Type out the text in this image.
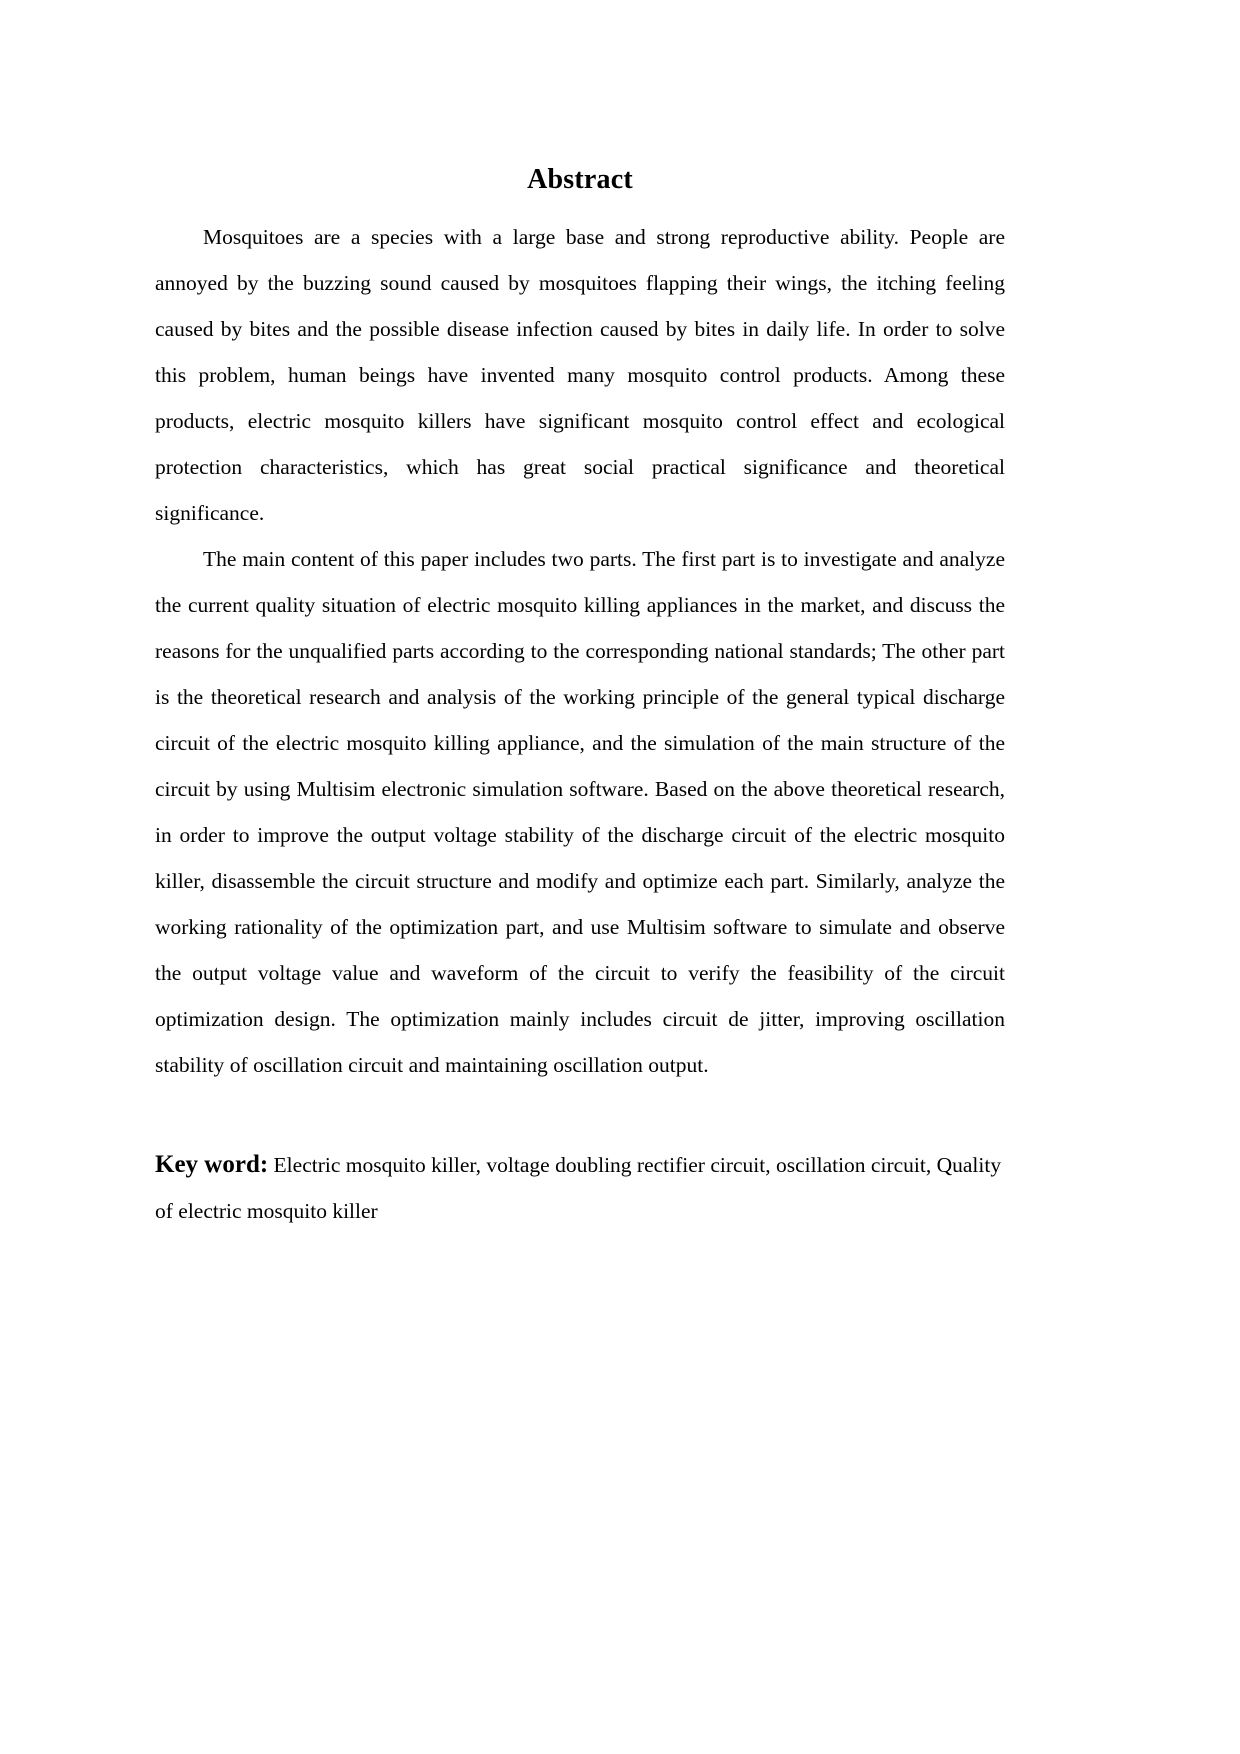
Abstract

Mosquitoes are a species with a large base and strong reproductive ability. People are annoyed by the buzzing sound caused by mosquitoes flapping their wings, the itching feeling caused by bites and the possible disease infection caused by bites in daily life. In order to solve this problem, human beings have invented many mosquito control products. Among these products, electric mosquito killers have significant mosquito control effect and ecological protection characteristics, which has great social practical significance and theoretical significance.

The main content of this paper includes two parts. The first part is to investigate and analyze the current quality situation of electric mosquito killing appliances in the market, and discuss the reasons for the unqualified parts according to the corresponding national standards; The other part is the theoretical research and analysis of the working principle of the general typical discharge circuit of the electric mosquito killing appliance, and the simulation of the main structure of the circuit by using Multisim electronic simulation software. Based on the above theoretical research, in order to improve the output voltage stability of the discharge circuit of the electric mosquito killer, disassemble the circuit structure and modify and optimize each part. Similarly, analyze the working rationality of the optimization part, and use Multisim software to simulate and observe the output voltage value and waveform of the circuit to verify the feasibility of the circuit optimization design. The optimization mainly includes circuit de jitter, improving oscillation stability of oscillation circuit and maintaining oscillation output.

Key word: Electric mosquito killer, voltage doubling rectifier circuit, oscillation circuit, Quality of electric mosquito killer
